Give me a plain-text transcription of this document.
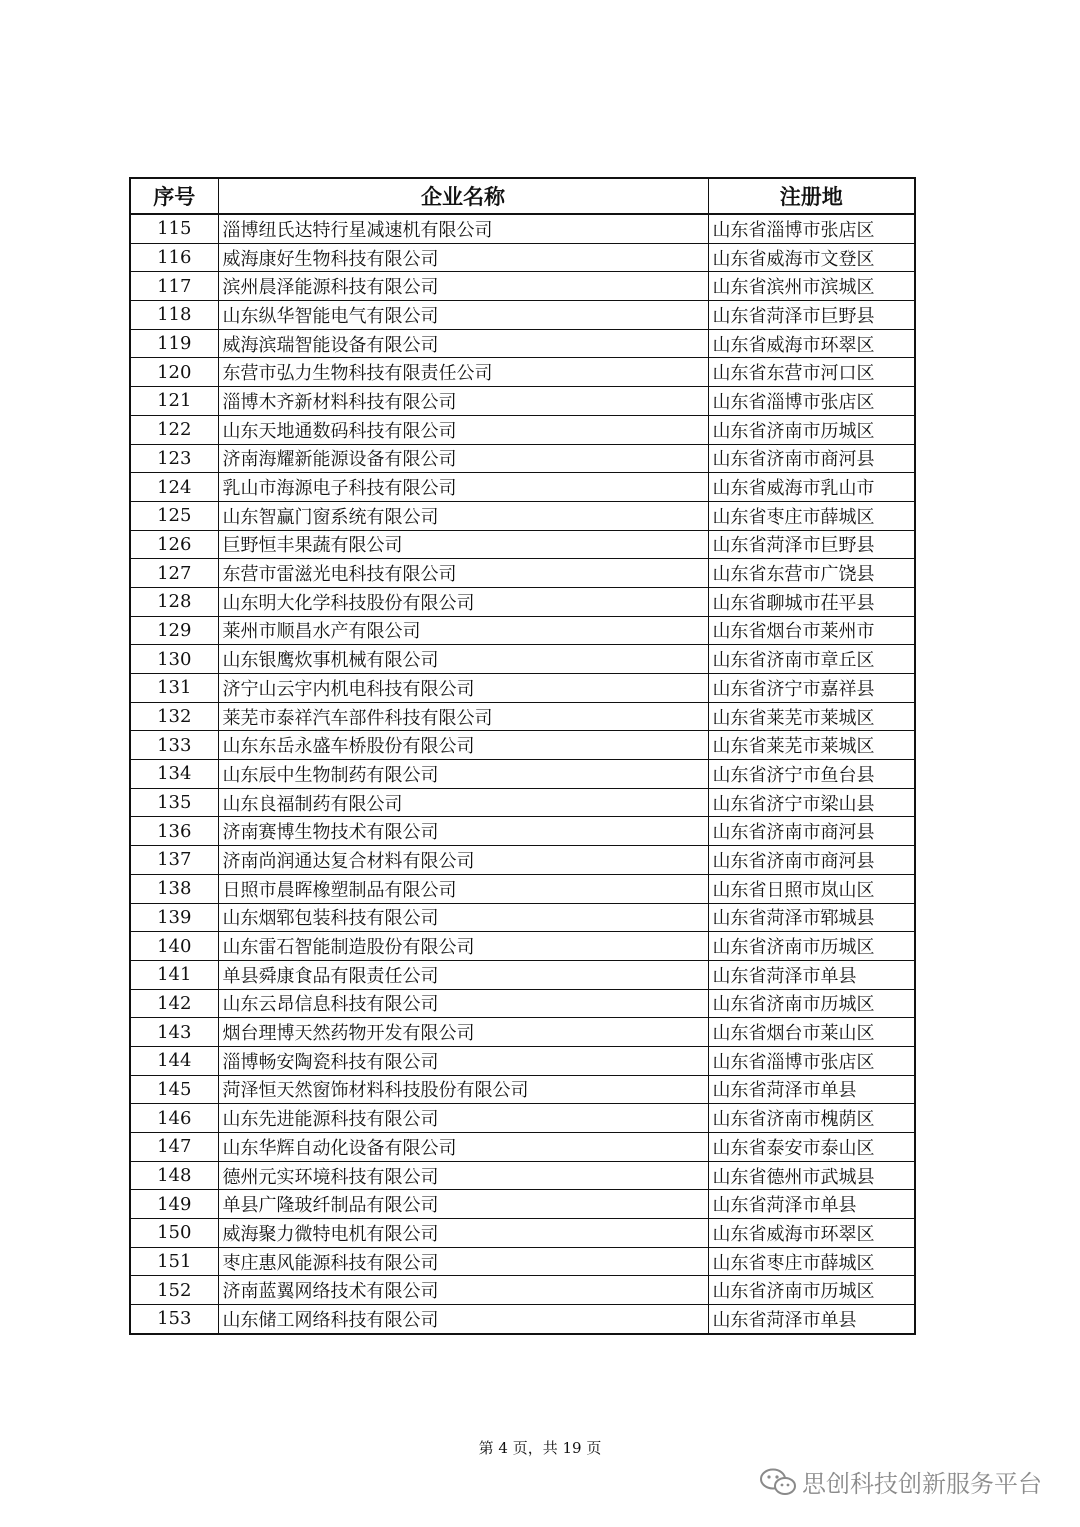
序号	企业名称	注册地
115	淄博纽氏达特行星减速机有限公司	山东省淄博市张店区
116	威海康好生物科技有限公司	山东省威海市文登区
117	滨州晨泽能源科技有限公司	山东省滨州市滨城区
118	山东纵华智能电气有限公司	山东省菏泽市巨野县
119	威海滨瑞智能设备有限公司	山东省威海市环翠区
120	东营市弘力生物科技有限责任公司	山东省东营市河口区
121	淄博木齐新材料科技有限公司	山东省淄博市张店区
122	山东天地通数码科技有限公司	山东省济南市历城区
123	济南海耀新能源设备有限公司	山东省济南市商河县
124	乳山市海源电子科技有限公司	山东省威海市乳山市
125	山东智赢门窗系统有限公司	山东省枣庄市薛城区
126	巨野恒丰果蔬有限公司	山东省菏泽市巨野县
127	东营市雷滋光电科技有限公司	山东省东营市广饶县
128	山东明大化学科技股份有限公司	山东省聊城市茌平县
129	莱州市顺昌水产有限公司	山东省烟台市莱州市
130	山东银鹰炊事机械有限公司	山东省济南市章丘区
131	济宁山云宇内机电科技有限公司	山东省济宁市嘉祥县
132	莱芜市泰祥汽车部件科技有限公司	山东省莱芜市莱城区
133	山东东岳永盛车桥股份有限公司	山东省莱芜市莱城区
134	山东辰中生物制药有限公司	山东省济宁市鱼台县
135	山东良福制药有限公司	山东省济宁市梁山县
136	济南赛博生物技术有限公司	山东省济南市商河县
137	济南尚润通达复合材料有限公司	山东省济南市商河县
138	日照市晨晖橡塑制品有限公司	山东省日照市岚山区
139	山东烟郓包装科技有限公司	山东省菏泽市郓城县
140	山东雷石智能制造股份有限公司	山东省济南市历城区
141	单县舜康食品有限责任公司	山东省菏泽市单县
142	山东云昂信息科技有限公司	山东省济南市历城区
143	烟台理博天然药物开发有限公司	山东省烟台市莱山区
144	淄博畅安陶瓷科技有限公司	山东省淄博市张店区
145	菏泽恒天然窗饰材料科技股份有限公司	山东省菏泽市单县
146	山东先进能源科技有限公司	山东省济南市槐荫区
147	山东华辉自动化设备有限公司	山东省泰安市泰山区
148	德州元实环境科技有限公司	山东省德州市武城县
149	单县广隆玻纤制品有限公司	山东省菏泽市单县
150	威海聚力微特电机有限公司	山东省威海市环翠区
151	枣庄惠风能源科技有限公司	山东省枣庄市薛城区
152	济南蓝翼网络技术有限公司	山东省济南市历城区
153	山东储工网络科技有限公司	山东省菏泽市单县
第 4 页，共 19 页
思创科技创新服务平台
